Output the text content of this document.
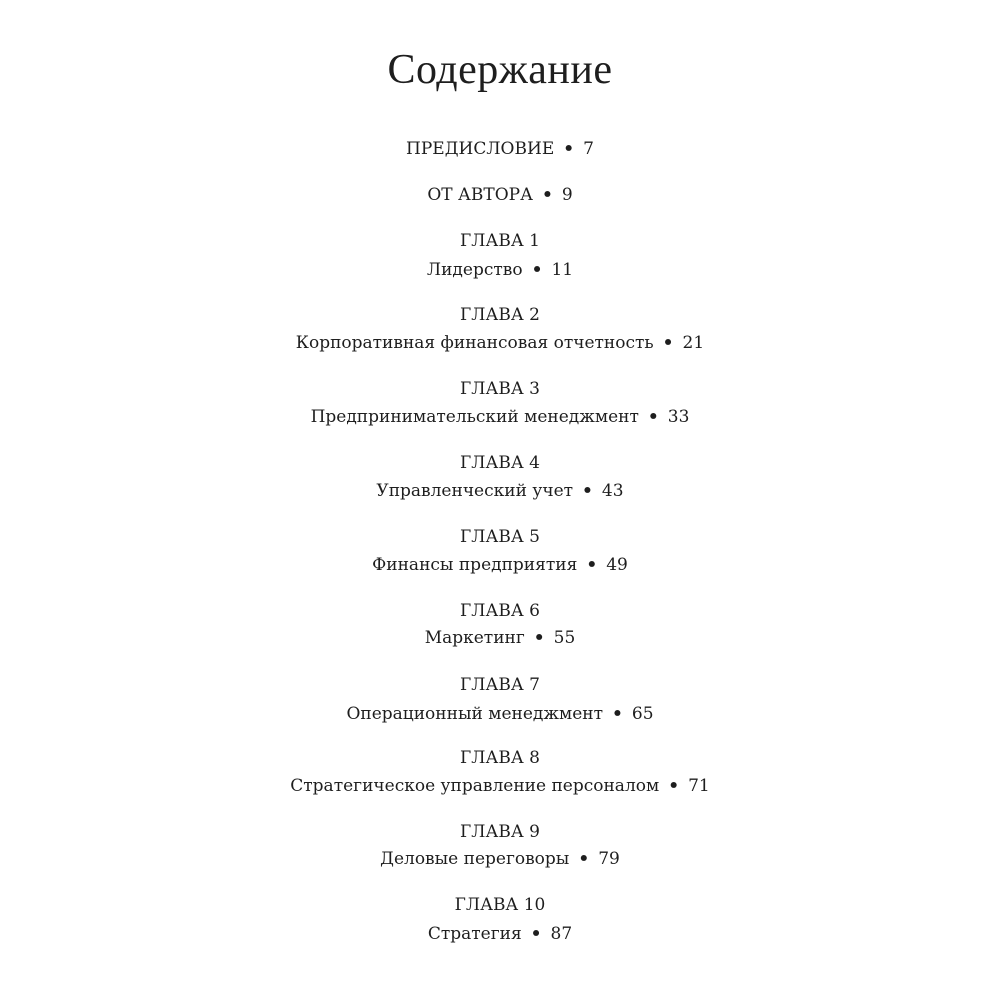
Содержание
ПРЕДИСЛОВИЕ • 7
ОТ АВТОРА • 9
ГЛАВА 1
Лидерство • 11
ГЛАВА 2
Корпоративная финансовая отчетность • 21
ГЛАВА 3
Предпринимательский менеджмент • 33
ГЛАВА 4
Управленческий учет • 43
ГЛАВА 5
Финансы предприятия • 49
ГЛАВА 6
Маркетинг • 55
ГЛАВА 7
Операционный менеджмент • 65
ГЛАВА 8
Стратегическое управление персоналом • 71
ГЛАВА 9
Деловые переговоры • 79
ГЛАВА 10
Стратегия • 87
